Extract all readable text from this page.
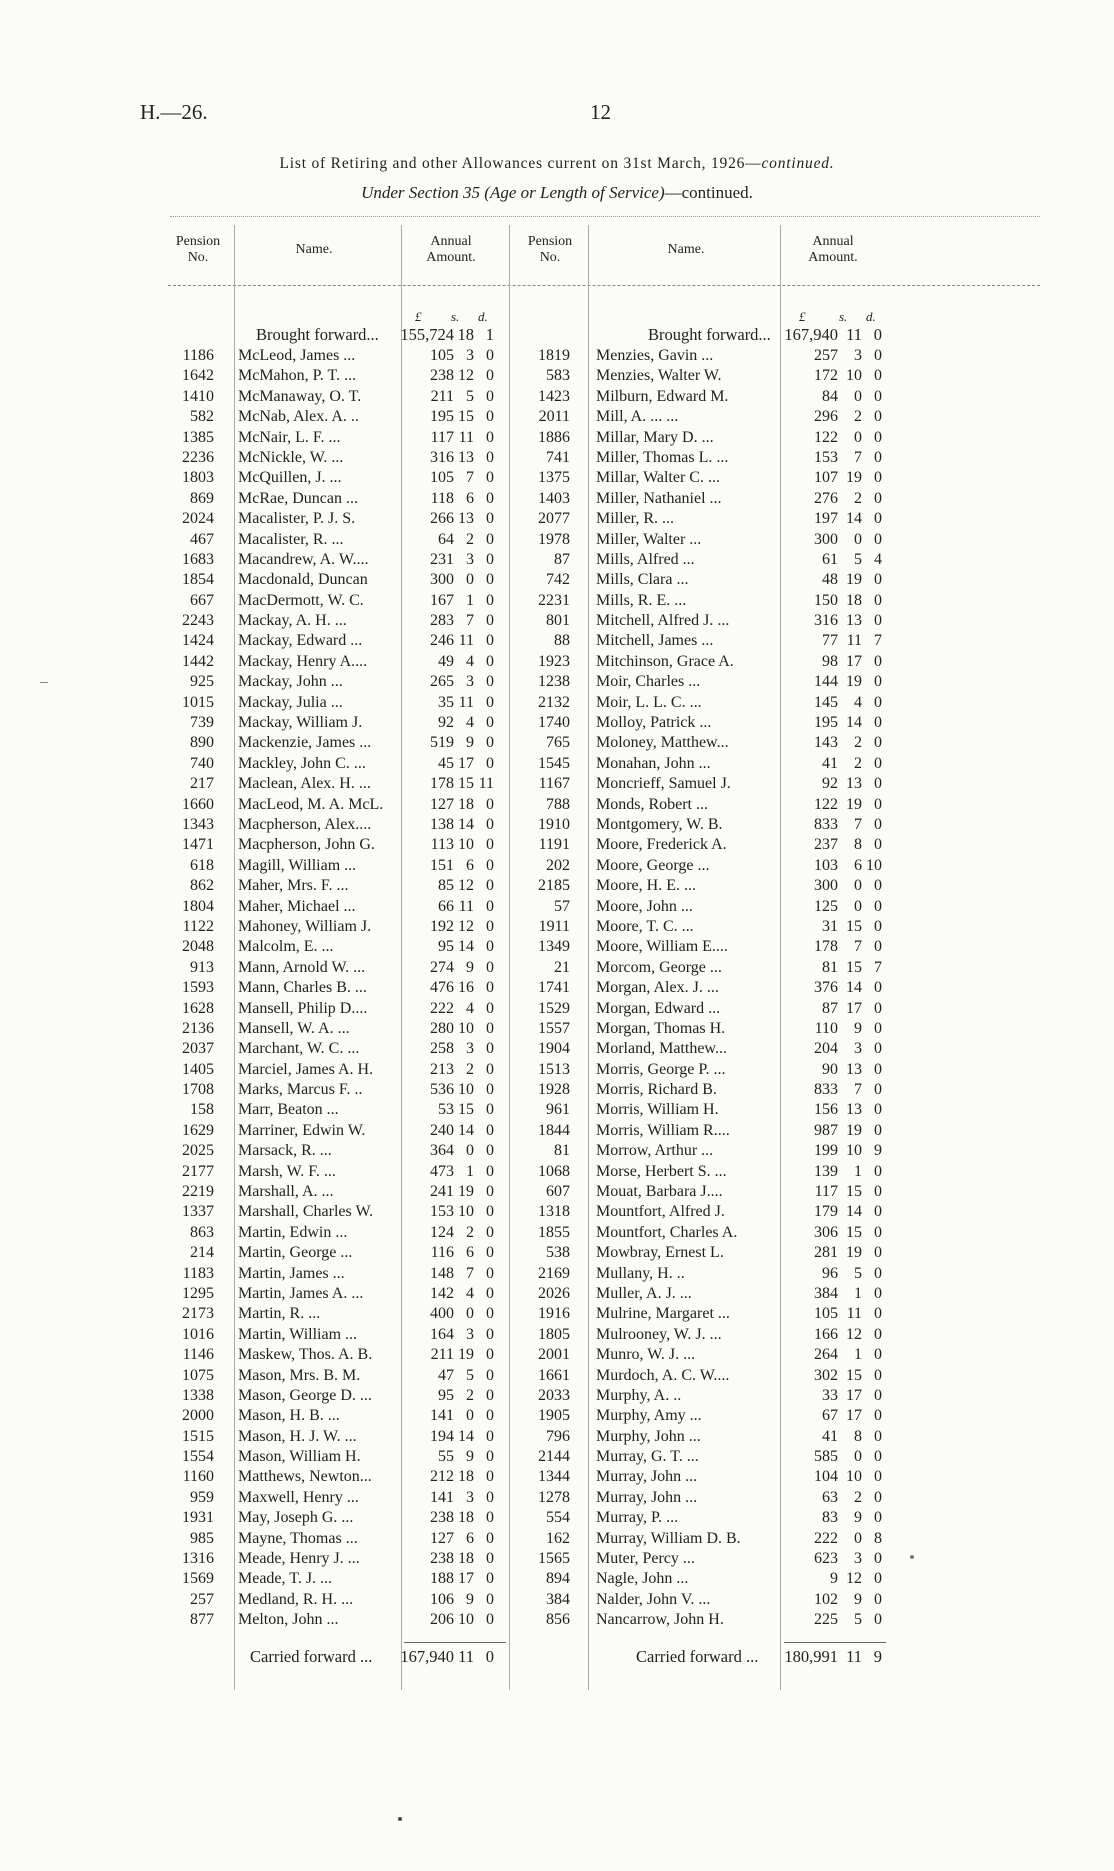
H.—26.	12
List of Retiring and other Allowances current on 31st March, 1926—continued.
Under Section 35 (Age or Length of Service)—continued.
Pension No.
Name.
Annual Amount.
Pension No.
Name.
Annual Amount.
£ s. d.	£	s. d.
Brought forward... 155,724 18 1	Brought forward... 167,940 11 0
1186 McLeod, James ...	105 3 0	1819 Menzies, Gavin ...	257	3 0
1642 McMahon, P. T. ...	238 12 0	583 Menzies, Walter W.	172 10 0
1410 McManaway, O. T.	211 5 0	1423 Milburn, Edward M.	84	0 0
582 McNab, Alex. A. ..	195 15 0	2011 Mill, A. ... ...	296	2 0
1385 McNair, L. F. ...	117 11 0	1886 Millar, Mary D. ...	122	0 0
2236 McNickle, W. ...	316 13 0	741 Miller, Thomas L. ...	153	7 0
1803 McQuillen, J. ...	105 7 0	1375 Millar, Walter C. ...	107 19 0
869 McRae, Duncan ...	118 6 0	1403 Miller, Nathaniel ...	276	2 0
2024 Macalister, P. J. S.	266 13 0	2077 Miller, R. ...	197 14 0
467 Macalister, R. ...	64 2 0	1978 Miller, Walter ...	300	0 0
1683 Macandrew, A. W....	231 3 0	87 Mills, Alfred ...	61	5 4
1854 Macdonald, Duncan	300 0 0	742 Mills, Clara ...	48 19 0
667 MacDermott, W. C.	167 1 0	2231 Mills, R. E. ...	150 18 0
2243 Mackay, A. H. ...	283 7 0	801 Mitchell, Alfred J. ...	316 13 0
1424 Mackay, Edward ...	246 11 0	88 Mitchell, James ...	77 11 7
1442 Mackay, Henry A....	49 4 0	1923 Mitchinson, Grace A.	98 17 0
925 Mackay, John ...	265 3 0	1238 Moir, Charles ...	144 19 0
1015 Mackay, Julia ...	35 11 0	2132 Moir, L. L. C. ...	145	4 0
739 Mackay, William J.	92 4 0	1740 Molloy, Patrick ...	195 14 0
890 Mackenzie, James ...	519 9 0	765 Moloney, Matthew...	143	2 0
740 Mackley, John C. ...	45 17 0	1545 Monahan, John ...	41	2 0
217 Maclean, Alex. H. ...	178 15 11	1167 Moncrieff, Samuel J.	92 13 0
1660 MacLeod, M. A. McL.	127 18 0	788 Monds, Robert ...	122 19 0
1343 Macpherson, Alex....	138 14 0	1910 Montgomery, W. B.	833	7 0
1471 Macpherson, John G.	113 10 0	1191 Moore, Frederick A.	237	8 0
618 Magill, William ...	151 6 0	202 Moore, George ...	103	6 10
862 Maher, Mrs. F. ...	85 12 0	2185 Moore, H. E. ...	300	0 0
1804 Maher, Michael ...	66 11 0	57 Moore, John ...	125	0 0
1122 Mahoney, William J.	192 12 0	1911 Moore, T. C. ...	31 15 0
2048 Malcolm, E. ...	95 14 0	1349 Moore, William E....	178	7 0
913 Mann, Arnold W. ...	274 9 0	21 Morcom, George ...	81 15 7
1593 Mann, Charles B. ...	476 16 0	1741 Morgan, Alex. J. ...	376 14 0
1628 Mansell, Philip D....	222 4 0	1529 Morgan, Edward ...	87 17 0
2136 Mansell, W. A. ...	280 10 0	1557 Morgan, Thomas H.	110	9 0
2037 Marchant, W. C. ...	258 3 0	1904 Morland, Matthew...	204	3 0
1405 Marciel, James A. H.	213 2 0	1513 Morris, George P. ...	90 13 0
1708 Marks, Marcus F. ..	536 10 0	1928 Morris, Richard B.	833	7 0
158 Marr, Beaton ...	53 15 0	961 Morris, William H.	156 13 0
1629 Marriner, Edwin W.	240 14 0	1844 Morris, William R....	987 19 0
2025 Marsack, R. ...	364 0 0	81 Morrow, Arthur ...	199 10 9
2177 Marsh, W. F. ...	473 1 0	1068 Morse, Herbert S. ...	139	1 0
2219 Marshall, A. ...	241 19 0	607 Mouat, Barbara J....	117 15 0
1337 Marshall, Charles W.	153 10 0	1318 Mountfort, Alfred J.	179 14 0
863 Martin, Edwin ...	124 2 0	1855 Mountfort, Charles A.	306 15 0
214 Martin, George ...	116 6 0	538 Mowbray, Ernest L.	281 19 0
1183 Martin, James ...	148 7 0	2169 Mullany, H. ..	96	5 0
1295 Martin, James A. ...	142 4 0	2026 Muller, A. J. ...	384	1 0
2173 Martin, R. ...	400 0 0	1916 Mulrine, Margaret ...	105 11 0
1016 Martin, William ...	164 3 0	1805 Mulrooney, W. J. ...	166 12 0
1146 Maskew, Thos. A. B.	211 19 0	2001 Munro, W. J. ...	264	1 0
1075 Mason, Mrs. B. M.	47 5 0	1661 Murdoch, A. C. W....	302 15 0
1338 Mason, George D. ...	95 2 0	2033 Murphy, A. ..	33 17 0
2000 Mason, H. B. ...	141 0 0	1905 Murphy, Amy ...	67 17 0
1515 Mason, H. J. W. ...	194 14 0	796 Murphy, John ...	41	8 0
1554 Mason, William H.	55 9 0	2144 Murray, G. T. ...	585	0 0
1160 Matthews, Newton...	212 18 0	1344 Murray, John ...	104 10 0
959 Maxwell, Henry ...	141 3 0	1278 Murray, John ...	63	2 0
1931 May, Joseph G. ...	238 18 0	554 Murray, P. ...	83	9 0
985 Mayne, Thomas ...	127 6 0	162 Murray, William D. B.	222	0 8
1316 Meade, Henry J. ...	238 18 0	1565 Muter, Percy ...	623	3 0
1569 Meade, T. J. ...	188 17 0	894 Nagle, John ...	9 12 0
257 Medland, R. H. ...	106 9 0	384 Nalder, John V. ...	102	9 0
877 Melton, John ...	206 10 0	856 Nancarrow, John H.	225	5 0
Carried forward ... 167,940 11 0	Carried forward ... 180,991 11 9
